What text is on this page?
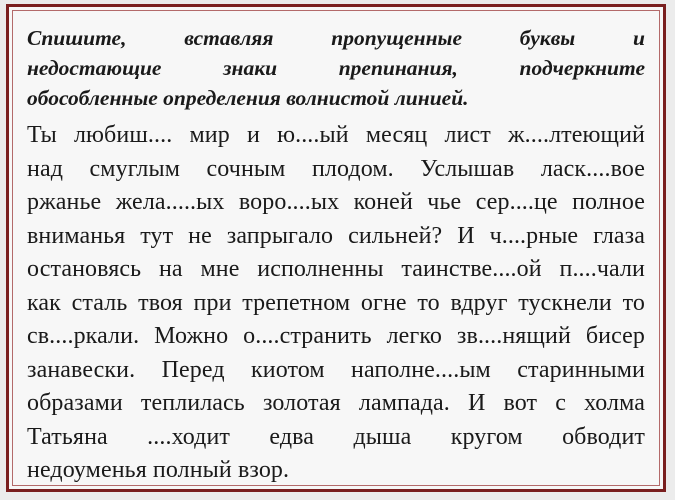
Спишите, вставляя пропущенные буквы и
недостающие знаки препинания, подчеркните
обособленные определения волнистой линией.
Ты любиш.... мир и ю....ый месяц лист ж....лтеющий
над смуглым сочным плодом. Услышав ласк....вое
ржанье жела.....ых воро....ых коней чье сер....це полное
вниманья тут не запрыгало сильней? И ч....рные глаза
остановясь на мне исполненны таинстве....ой п....чали
как сталь твоя при трепетном огне то вдруг тускнели то
св....ркали. Можно о....странить легко зв....нящий бисер
занавески. Перед киотом наполне....ым старинными
образами теплилась золотая лампада. И вот с холма
Татьяна ....ходит едва дыша кругом обводит
недоуменья полный взор.
